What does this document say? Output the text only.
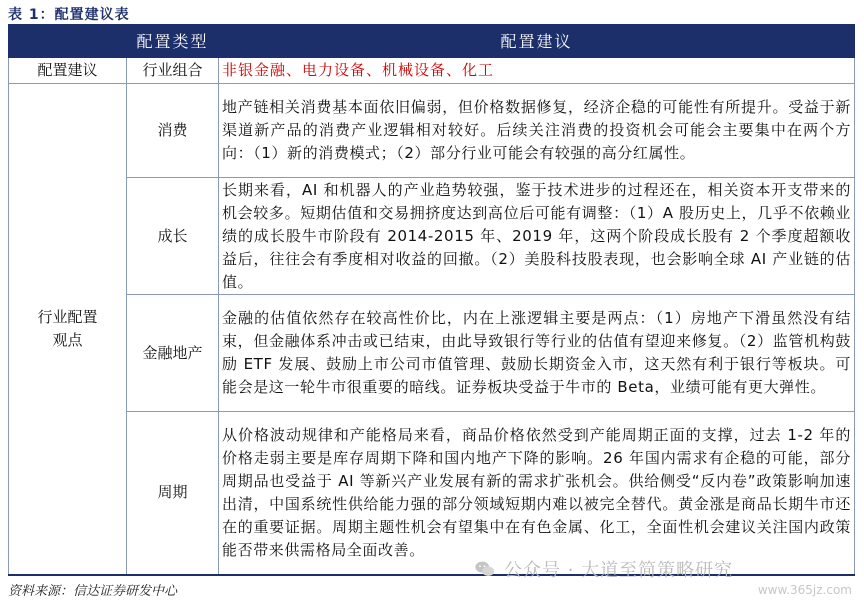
表 1：配置建议表
	配置类型	配置建议
配置建议	行业组合	非银金融、电力设备、机械设备、化工

行业配置
观点	消费	地产链相关消费基本面依旧偏弱，但价格数据修复，经济企稳的可能性有所提升。受益于新渠道新产品的消费产业逻辑相对较好。后续关注消费的投资机会可能会主要集中在两个方向：（1）新的消费模式；（2）部分行业可能会有较强的高分红属性。
	成长	长期来看，AI 和机器人的产业趋势较强，鉴于技术进步的过程还在，相关资本开支带来的机会较多。短期估值和交易拥挤度达到高位后可能有调整：（1）A 股历史上，几乎不依赖业绩的成长股牛市阶段有 2014-2015 年、2019 年，这两个阶段成长股有 2 个季度超额收益后，往往会有季度相对收益的回撤。（2）美股科技股表现，也会影响全球 AI 产业链的估值。
	金融地产	金融的估值依然存在较高性价比，内在上涨逻辑主要是两点：（1）房地产下滑虽然没有结束，但金融体系冲击或已结束，由此导致银行等行业的估值有望迎来修复。（2）监管机构鼓励 ETF 发展、鼓励上市公司市值管理、鼓励长期资金入市，这天然有利于银行等板块。可能会是这一轮牛市很重要的暗线。证券板块受益于牛市的 Beta，业绩可能有更大弹性。
	周期	从价格波动规律和产能格局来看，商品价格依然受到产能周期正面的支撑，过去 1-2 年的价格走弱主要是库存周期下降和国内地产下降的影响。26 年国内需求有企稳的可能，部分周期品也受益于 AI 等新兴产业发展有新的需求扩张机会。供给侧受“反内卷”政策影响加速出清，中国系统性供给能力强的部分领域短期内难以被完全替代。黄金涨是商品长期牛市还在的重要证据。周期主题性机会有望集中在有色金属、化工，全面性机会建议关注国内政策能否带来供需格局全面改善。
资料来源：信达证券研发中心
公众号 · 大道至简策略研究
www.365jz.com
